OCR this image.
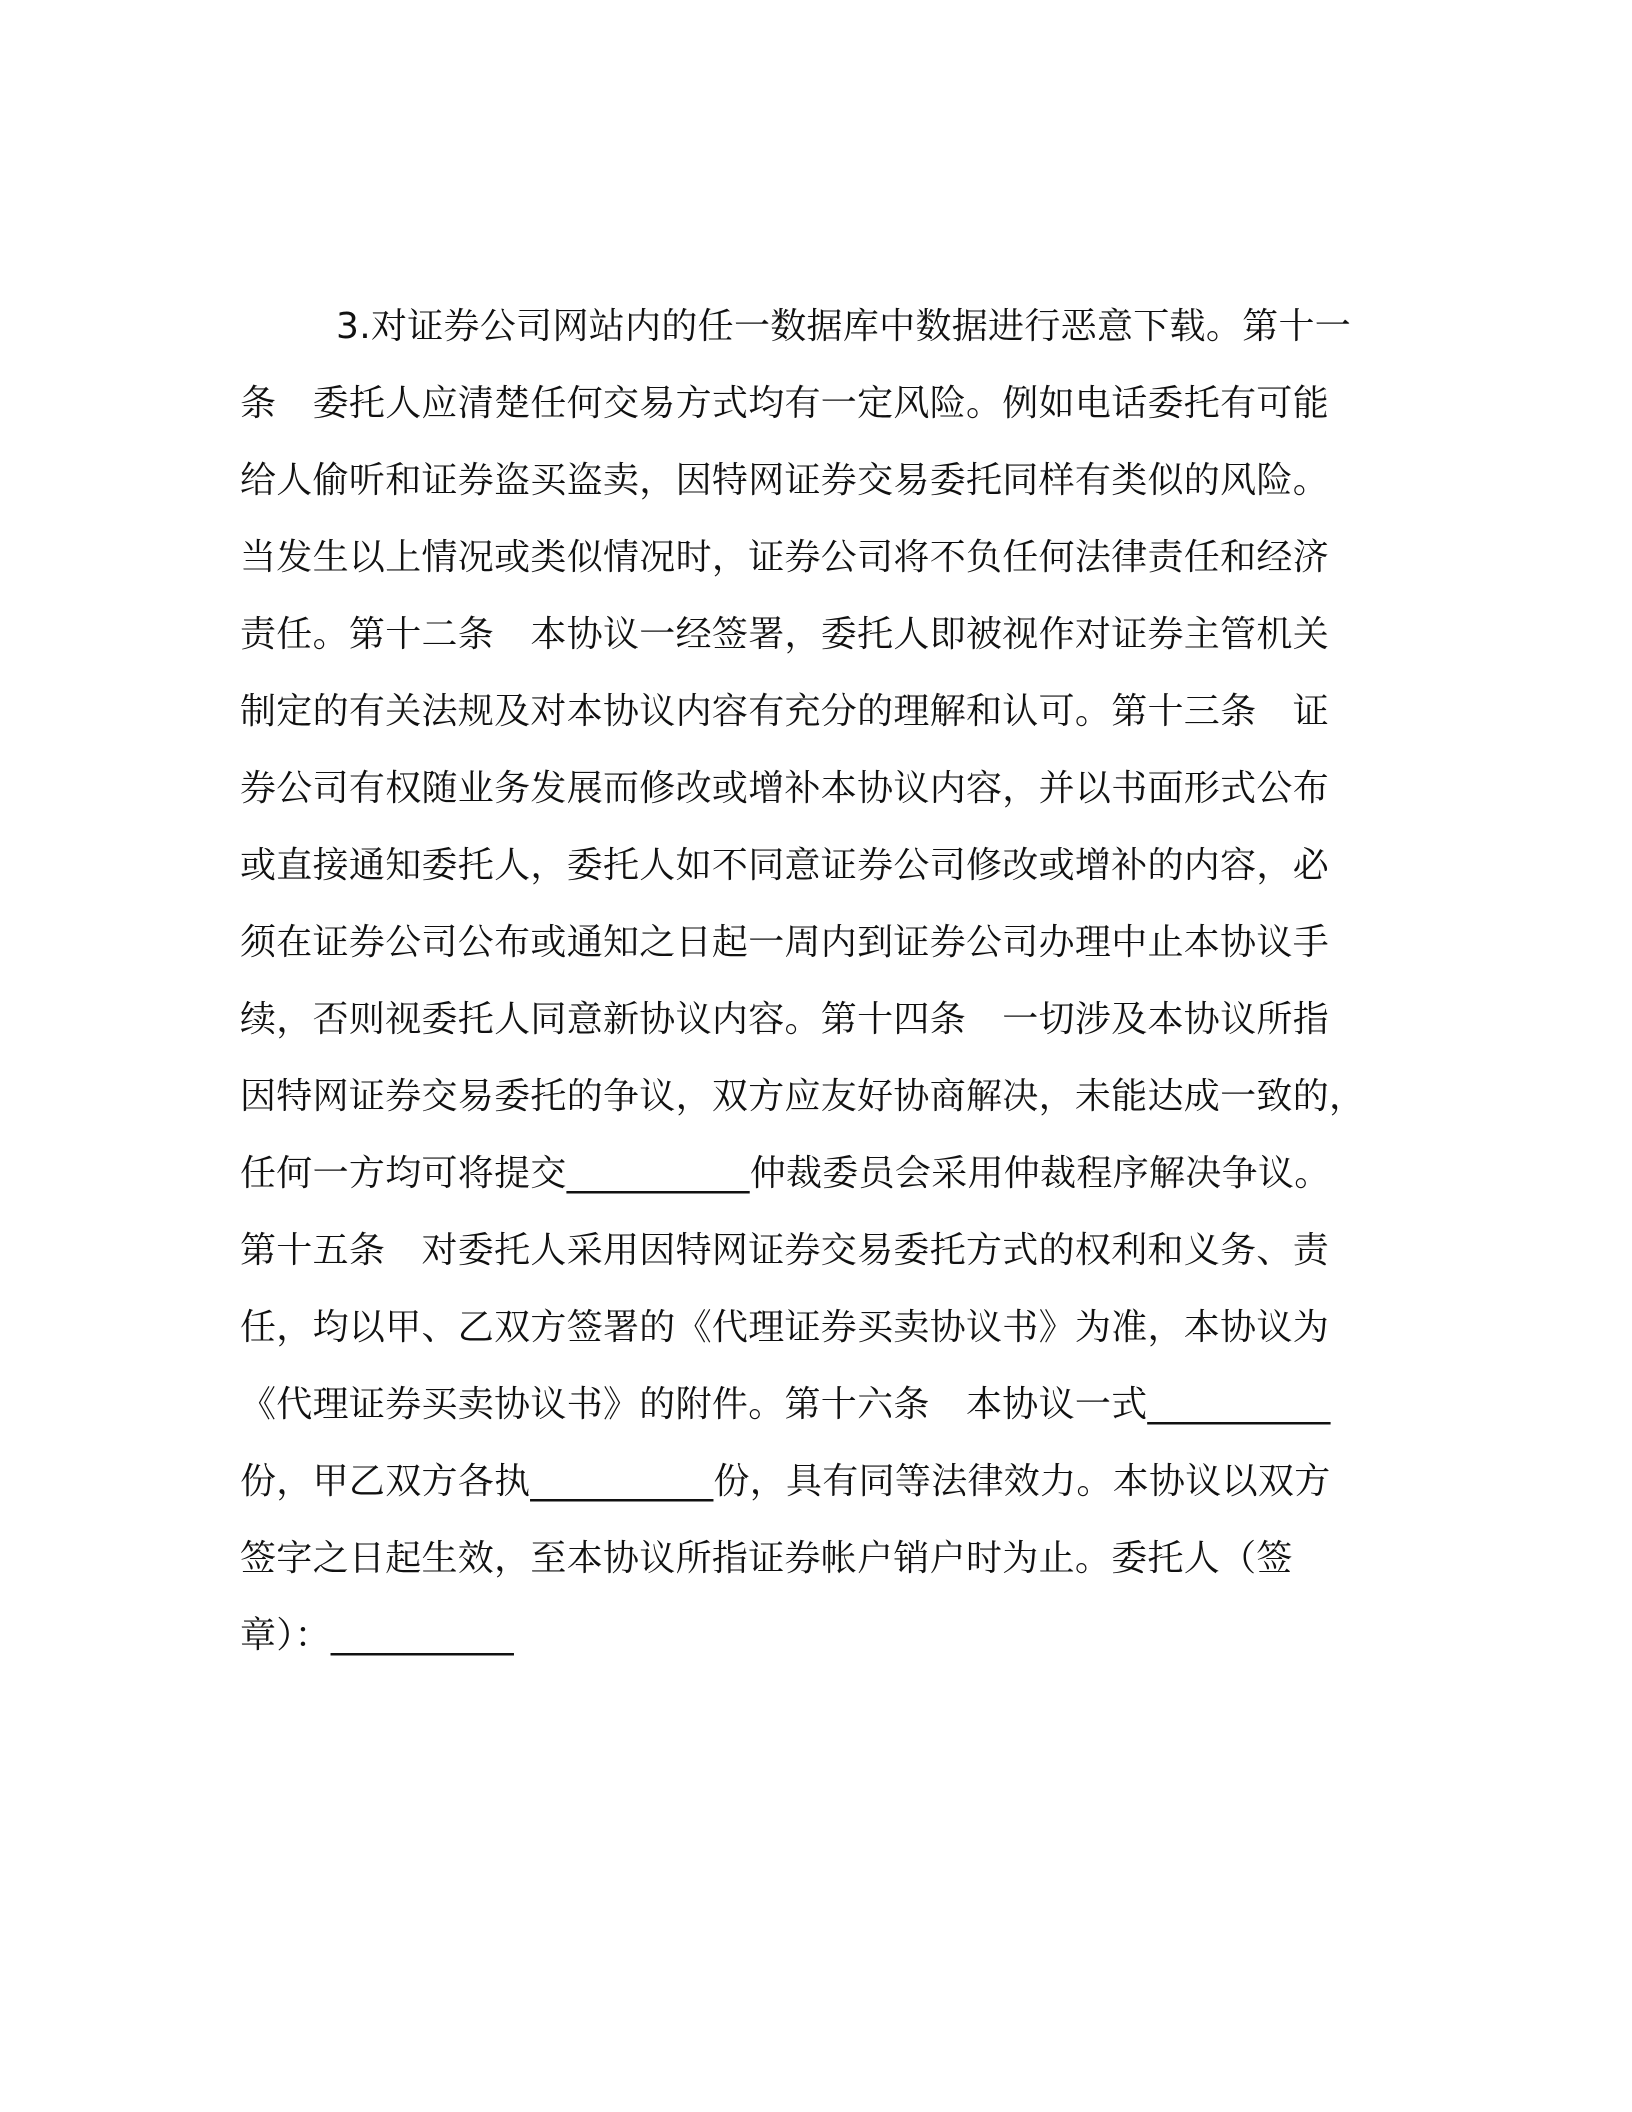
3.对证券公司网站内的任一数据库中数据进行恶意下载。第十一
条　委托人应清楚任何交易方式均有一定风险。例如电话委托有可能
给人偷听和证券盗买盗卖，因特网证券交易委托同样有类似的风险。
当发生以上情况或类似情况时，证券公司将不负任何法律责任和经济
责任。第十二条　本协议一经签署，委托人即被视作对证券主管机关
制定的有关法规及对本协议内容有充分的理解和认可。第十三条　证
券公司有权随业务发展而修改或增补本协议内容，并以书面形式公布
或直接通知委托人，委托人如不同意证券公司修改或增补的内容，必
须在证券公司公布或通知之日起一周内到证券公司办理中止本协议手
续，否则视委托人同意新协议内容。第十四条　一切涉及本协议所指
因特网证券交易委托的争议，双方应友好协商解决，未能达成一致的，
任何一方均可将提交__________仲裁委员会采用仲裁程序解决争议。
第十五条　对委托人采用因特网证券交易委托方式的权利和义务、责
任，均以甲、乙双方签署的《代理证券买卖协议书》为准，本协议为
《代理证券买卖协议书》的附件。第十六条　本协议一式__________
份，甲乙双方各执__________份，具有同等法律效力。本协议以双方
签字之日起生效，至本协议所指证券帐户销户时为止。委托人（签
章）：__________
